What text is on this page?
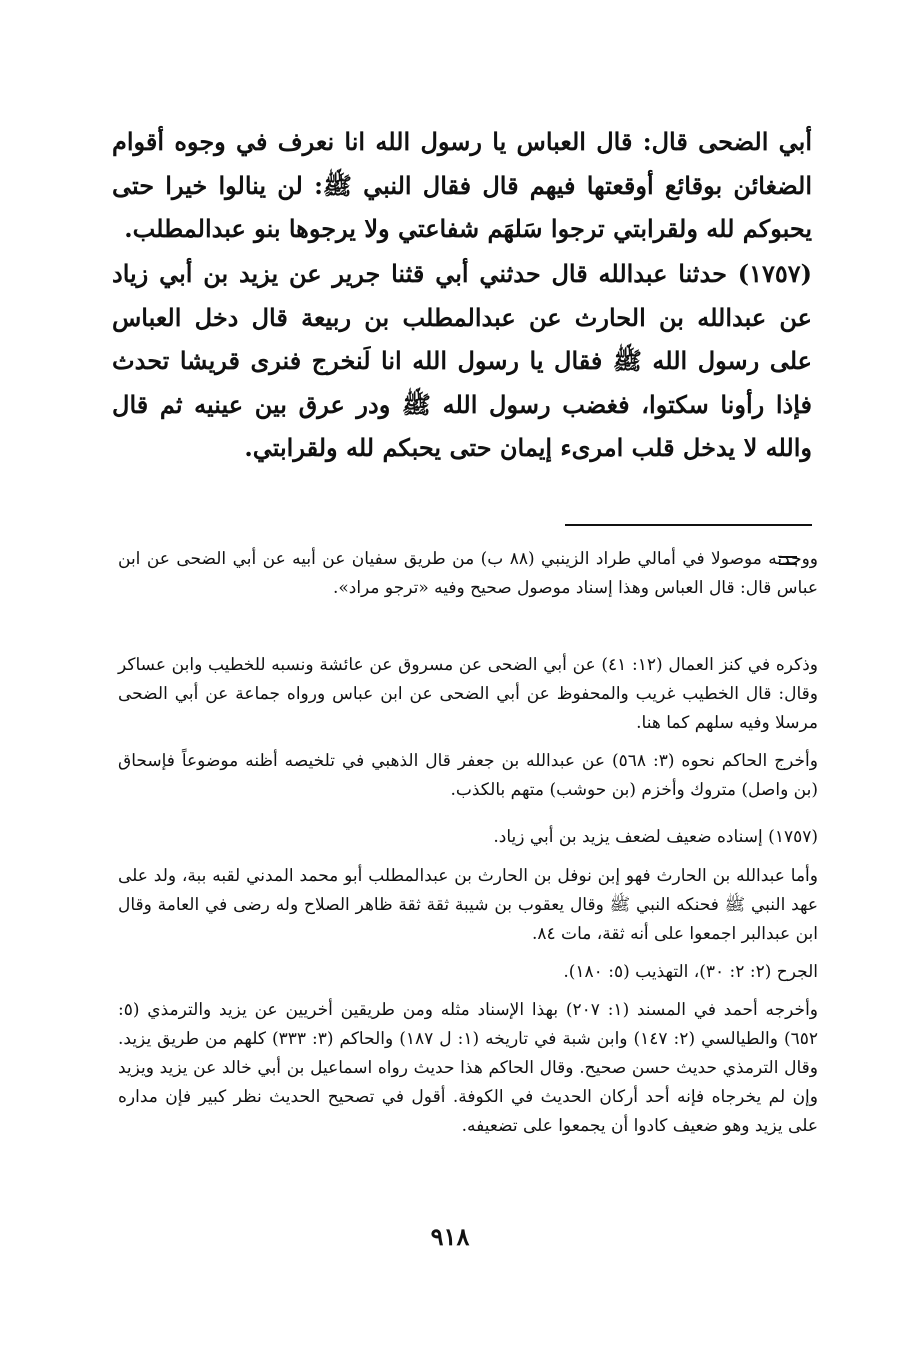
أبي الضحى قال: قال العباس يا رسول الله انا نعرف في وجوه أقوام الضغائن بوقائع أوقعتها فيهم قال فقال النبي ﷺ: لن ينالوا خيرا حتى يحبوكم لله ولقرابتي ترجوا سَلهَم شفاعتي ولا يرجوها بنو عبدالمطلب.

(١٧٥٧) حدثنا عبدالله قال حدثني أبي قثنا جرير عن يزيد بن أبي زياد عن عبدالله بن الحارث عن عبدالمطلب بن ربيعة قال دخل العباس على رسول الله ﷺ فقال يا رسول الله انا لَنخرج فنرى قريشا تحدث فإذا رأونا سكتوا، فغضب رسول الله ﷺ ودر عرق بين عينيه ثم قال والله لا يدخل قلب امرىء إيمان حتى يحبكم لله ولقرابتي.

ووجدته موصولا في أمالي طراد الزينبي (٨٨ ب) من طريق سفيان عن أبيه عن أبي الضحى عن ابن عباس قال: قال العباس وهذا إسناد موصول صحيح وفيه «ترجو مراد».

وذكره في كنز العمال (١٢: ٤١) عن أبي الضحى عن مسروق عن عائشة ونسبه للخطيب وابن عساكر وقال: قال الخطيب غريب والمحفوظ عن أبي الضحى عن ابن عباس ورواه جماعة عن أبي الضحى مرسلا وفيه سلهم كما هنا.

وأخرج الحاكم نحوه (٣: ٥٦٨) عن عبدالله بن جعفر قال الذهبي في تلخيصه أظنه موضوعاً فإسحاق (بن واصل) متروك وأخزم (بن حوشب) متهم بالكذب.

(١٧٥٧) إسناده ضعيف لضعف يزيد بن أبي زياد.

وأما عبدالله بن الحارث فهو إبن نوفل بن الحارث بن عبدالمطلب أبو محمد المدني لقبه ببة، ولد على عهد النبي ﷺ فحنكه النبي ﷺ وقال يعقوب بن شيبة ثقة ثقة ظاهر الصلاح وله رضى في العامة وقال ابن عبدالبر اجمعوا على أنه ثقة، مات ٨٤.

الجرح (٢: ٢: ٣٠)، التهذيب (٥: ١٨٠).

وأخرجه أحمد في المسند (١: ٢٠٧) بهذا الإسناد مثله ومن طريقين أخريين عن يزيد والترمذي (٥: ٦٥٢) والطيالسي (٢: ١٤٧) وابن شبة في تاريخه (١: ل ١٨٧) والحاكم (٣: ٣٣٣) كلهم من طريق يزيد. وقال الترمذي حديث حسن صحيح. وقال الحاكم هذا حديث رواه اسماعيل بن أبي خالد عن يزيد ويزيد وإن لم يخرجاه فإنه أحد أركان الحديث في الكوفة. أقول في تصحيح الحديث نظر كبير فإن مداره على يزيد وهو ضعيف كادوا أن يجمعوا على تضعيفه.

٩١٨
